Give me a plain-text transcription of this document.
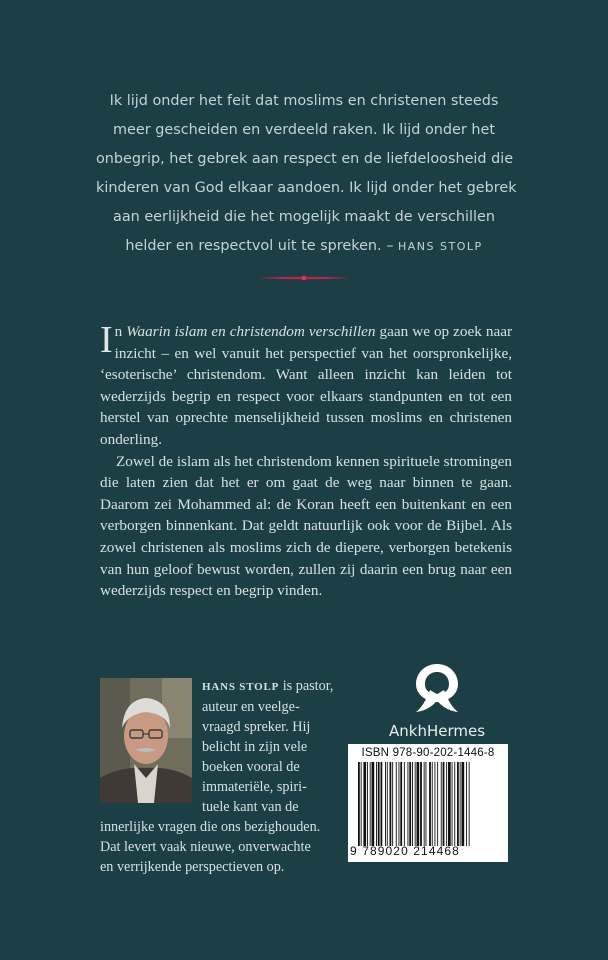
Ik lijd onder het feit dat moslims en christenen steeds
meer gescheiden en verdeeld raken. Ik lijd onder het
onbegrip, het gebrek aan respect en de liefdeloosheid die
kinderen van God elkaar aandoen. Ik lijd onder het gebrek
aan eerlijkheid die het mogelijk maakt de verschillen
helder en respectvol uit te spreken. – HANS STOLP

In Waarin islam en christendom verschillen gaan we op zoek naar inzicht – en wel vanuit het perspectief van het oorspronkelijke, ‘esoterische’ christendom. Want alleen inzicht kan leiden tot wederzijds begrip en respect voor elkaars standpunten en tot een herstel van oprechte menselijkheid tussen moslims en christenen onderling.

Zowel de islam als het christendom kennen spirituele stromingen die laten zien dat het er om gaat de weg naar binnen te gaan. Daarom zei Mohammed al: de Koran heeft een buitenkant en een verborgen binnenkant. Dat geldt natuurlijk ook voor de Bijbel. Als zowel christenen als moslims zich de diepere, verborgen betekenis van hun geloof bewust worden, zullen zij daarin een brug naar een wederzijds respect en begrip vinden.

HANS STOLP is pastor,
auteur en veelge-
vraagd spreker. Hij
belicht in zijn vele
boeken vooral de
immateriële, spiri-
tuele kant van de
innerlijke vragen die ons bezighouden.
Dat levert vaak nieuwe, onverwachte
en verrijkende perspectieven op.
AnkhHermes
ISBN 978-90-202-1446-8
9 789020 214468
